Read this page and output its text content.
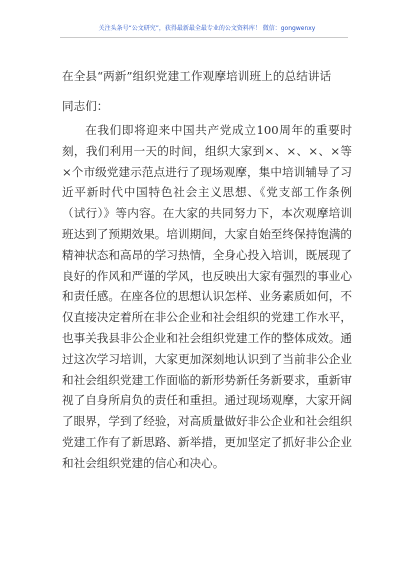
关注头条号“公文研究”，获得最新最全最专业的公文资料库！ 微信：gongwenxy
在全县“两新”组织党建工作观摩培训班上的总结讲话
同志们：

在我们即将迎来中国共产党成立100周年的重要时刻，我们利用一天的时间，组织大家到×、×、×、×等×个市级党建示范点进行了现场观摩，集中培训辅导了习近平新时代中国特色社会主义思想、《党支部工作条例（试行）》等内容。在大家的共同努力下，本次观摩培训班达到了预期效果。培训期间，大家自始至终保持饱满的精神状态和高昂的学习热情，全身心投入培训，既展现了良好的作风和严谨的学风，也反映出大家有强烈的事业心和责任感。在座各位的思想认识怎样、业务素质如何，不仅直接决定着所在非公企业和社会组织的党建工作水平，也事关我县非公企业和社会组织党建工作的整体成效。通过这次学习培训，大家更加深刻地认识到了当前非公企业和社会组织党建工作面临的新形势新任务新要求，重新审视了自身所肩负的责任和重担。通过现场观摩，大家开阔了眼界，学到了经验，对高质量做好非公企业和社会组织党建工作有了新思路、新举措，更加坚定了抓好非公企业和社会组织党建的信心和决心。
